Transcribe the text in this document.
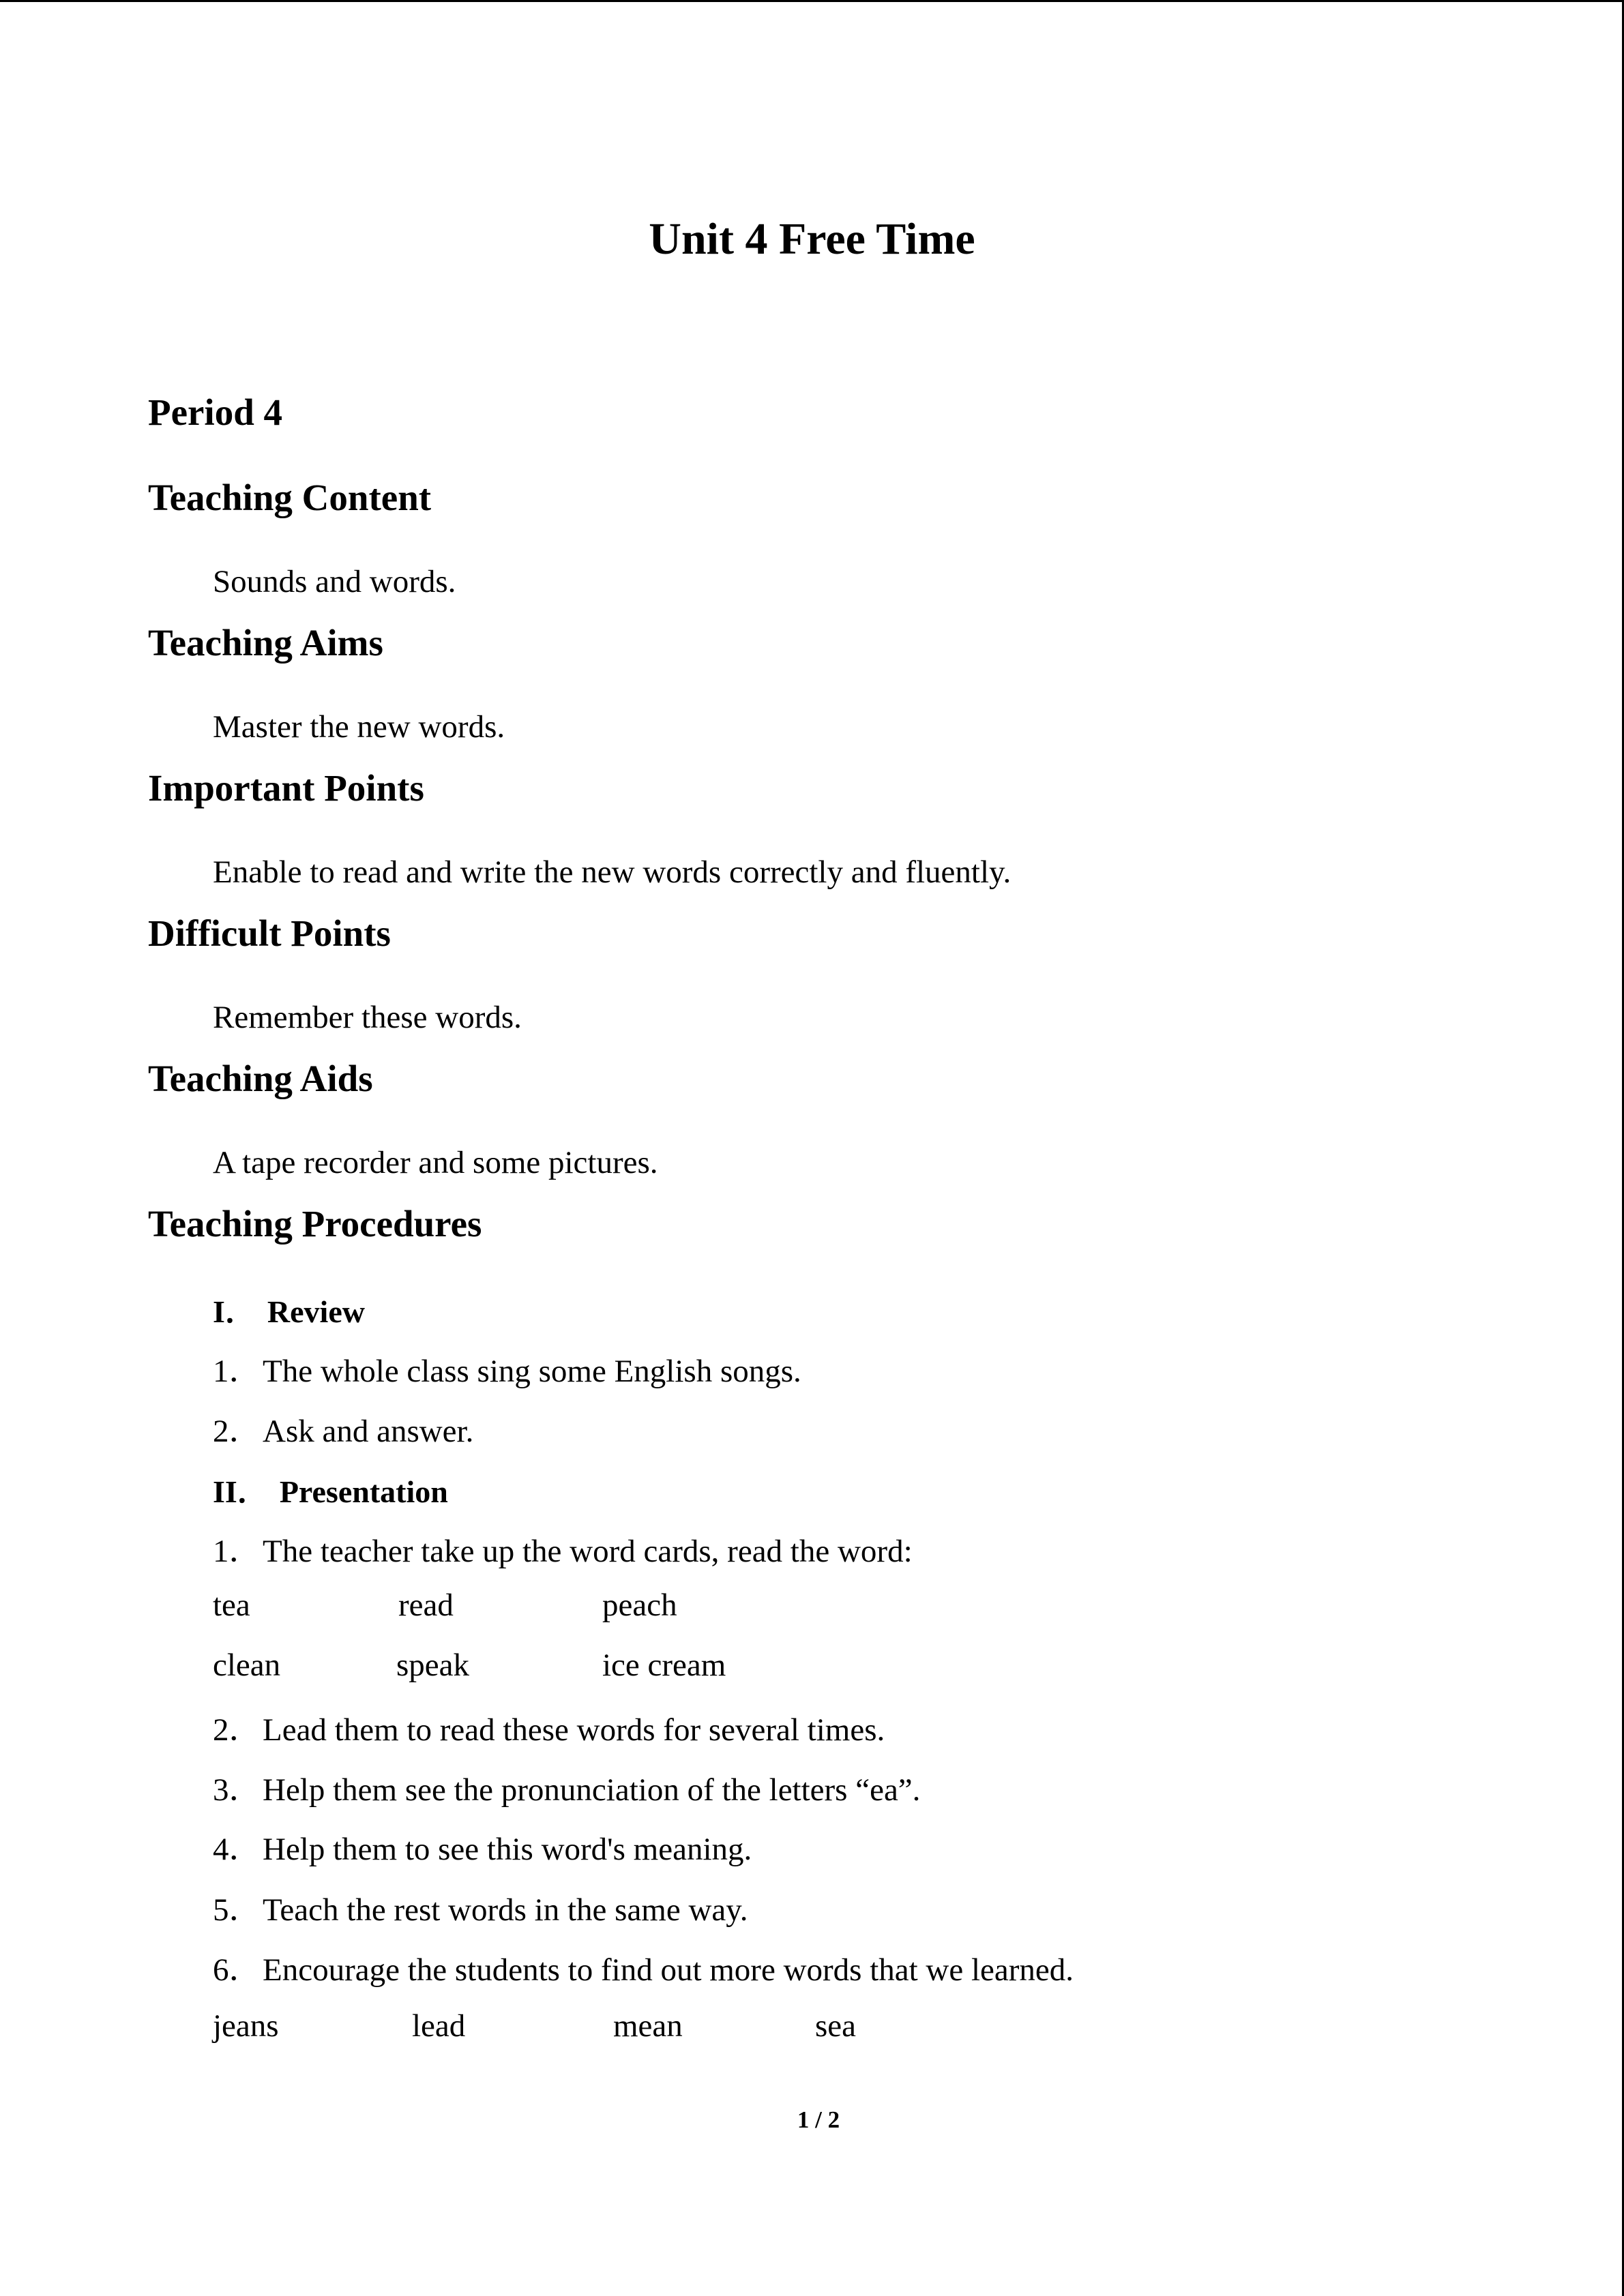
Unit 4 Free Time
Period 4
Teaching Content
Sounds and words.
Teaching Aims
Master the new words.
Important Points
Enable to read and write the new words correctly and fluently.
Difficult Points
Remember these words.
Teaching Aids
A tape recorder and some pictures.
Teaching Procedures
I． Review
1．The whole class sing some English songs.
2．Ask and answer.
II． Presentation
1．The teacher take up the word cards, read the word:
tea	read	peach
clean	speak	ice cream
2．Lead them to read these words for several times.
3．Help them see the pronunciation of the letters “ea”.
4．Help them to see this word's meaning.
5．Teach the rest words in the same way.
6．Encourage the students to find out more words that we learned.
jeans	lead	mean	sea
1 / 2
